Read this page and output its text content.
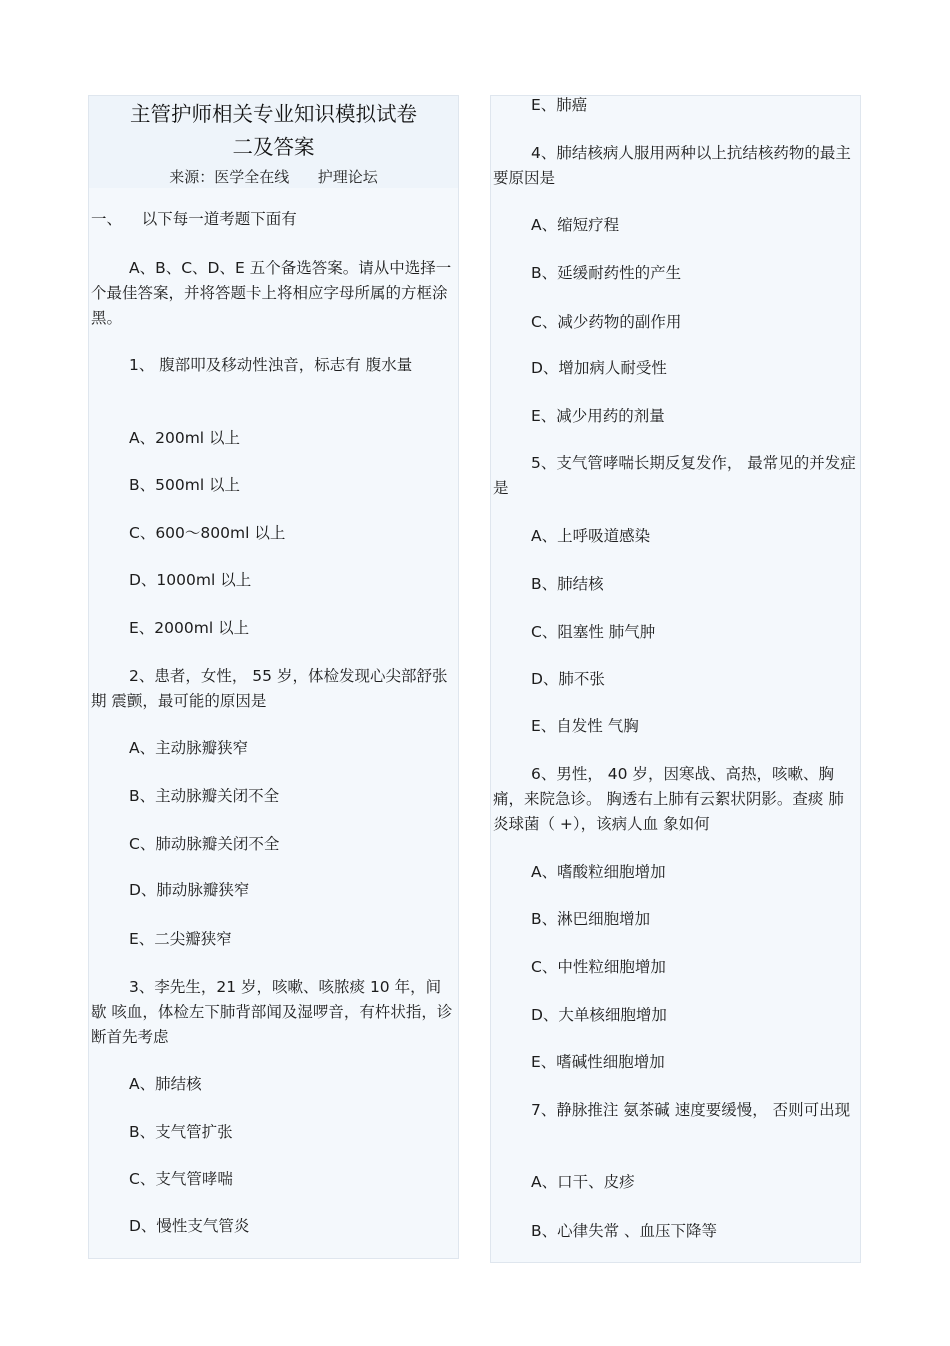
主管护师相关专业知识模拟试卷
二及答案
来源：医学全在线      护理论坛
一、    以下每一道考题下面有
A、B、C、D、E 五个备选答案。请从中选择一个最佳答案，并将答题卡上将相应字母所属的方框涂黑。
1、 腹部叩及移动性浊音，标志有 腹水量
A、200ml 以上
B、500ml 以上
C、600～800ml 以上
D、1000ml 以上
E、2000ml 以上
2、患者，女性， 55 岁，体检发现心尖部舒张期 震颤，最可能的原因是
A、主动脉瓣狭窄
B、主动脉瓣关闭不全
C、肺动脉瓣关闭不全
D、肺动脉瓣狭窄
E、二尖瓣狭窄
3、李先生，21 岁，咳嗽、咳脓痰 10 年，间歇 咳血，体检左下肺背部闻及湿啰音，有杵状指，诊断首先考虑
A、肺结核
B、支气管扩张
C、支气管哮喘
D、慢性支气管炎
E、肺癌
4、肺结核病人服用两种以上抗结核药物的最主要原因是
A、缩短疗程
B、延缓耐药性的产生
C、减少药物的副作用
D、增加病人耐受性
E、减少用药的剂量
5、支气管哮喘长期反复发作， 最常见的并发症是
A、上呼吸道感染
B、肺结核
C、阻塞性 肺气肿
D、肺不张
E、自发性 气胸
6、男性， 40 岁，因寒战、高热，咳嗽、胸痛，来院急诊。 胸透右上肺有云絮状阴影。查痰 肺炎球菌（ +），该病人血 象如何
A、嗜酸粒细胞增加
B、淋巴细胞增加
C、中性粒细胞增加
D、大单核细胞增加
E、嗜碱性细胞增加
7、静脉推注 氨茶碱 速度要缓慢， 否则可出现
A、口干、皮疹
B、心律失常 、血压下降等
